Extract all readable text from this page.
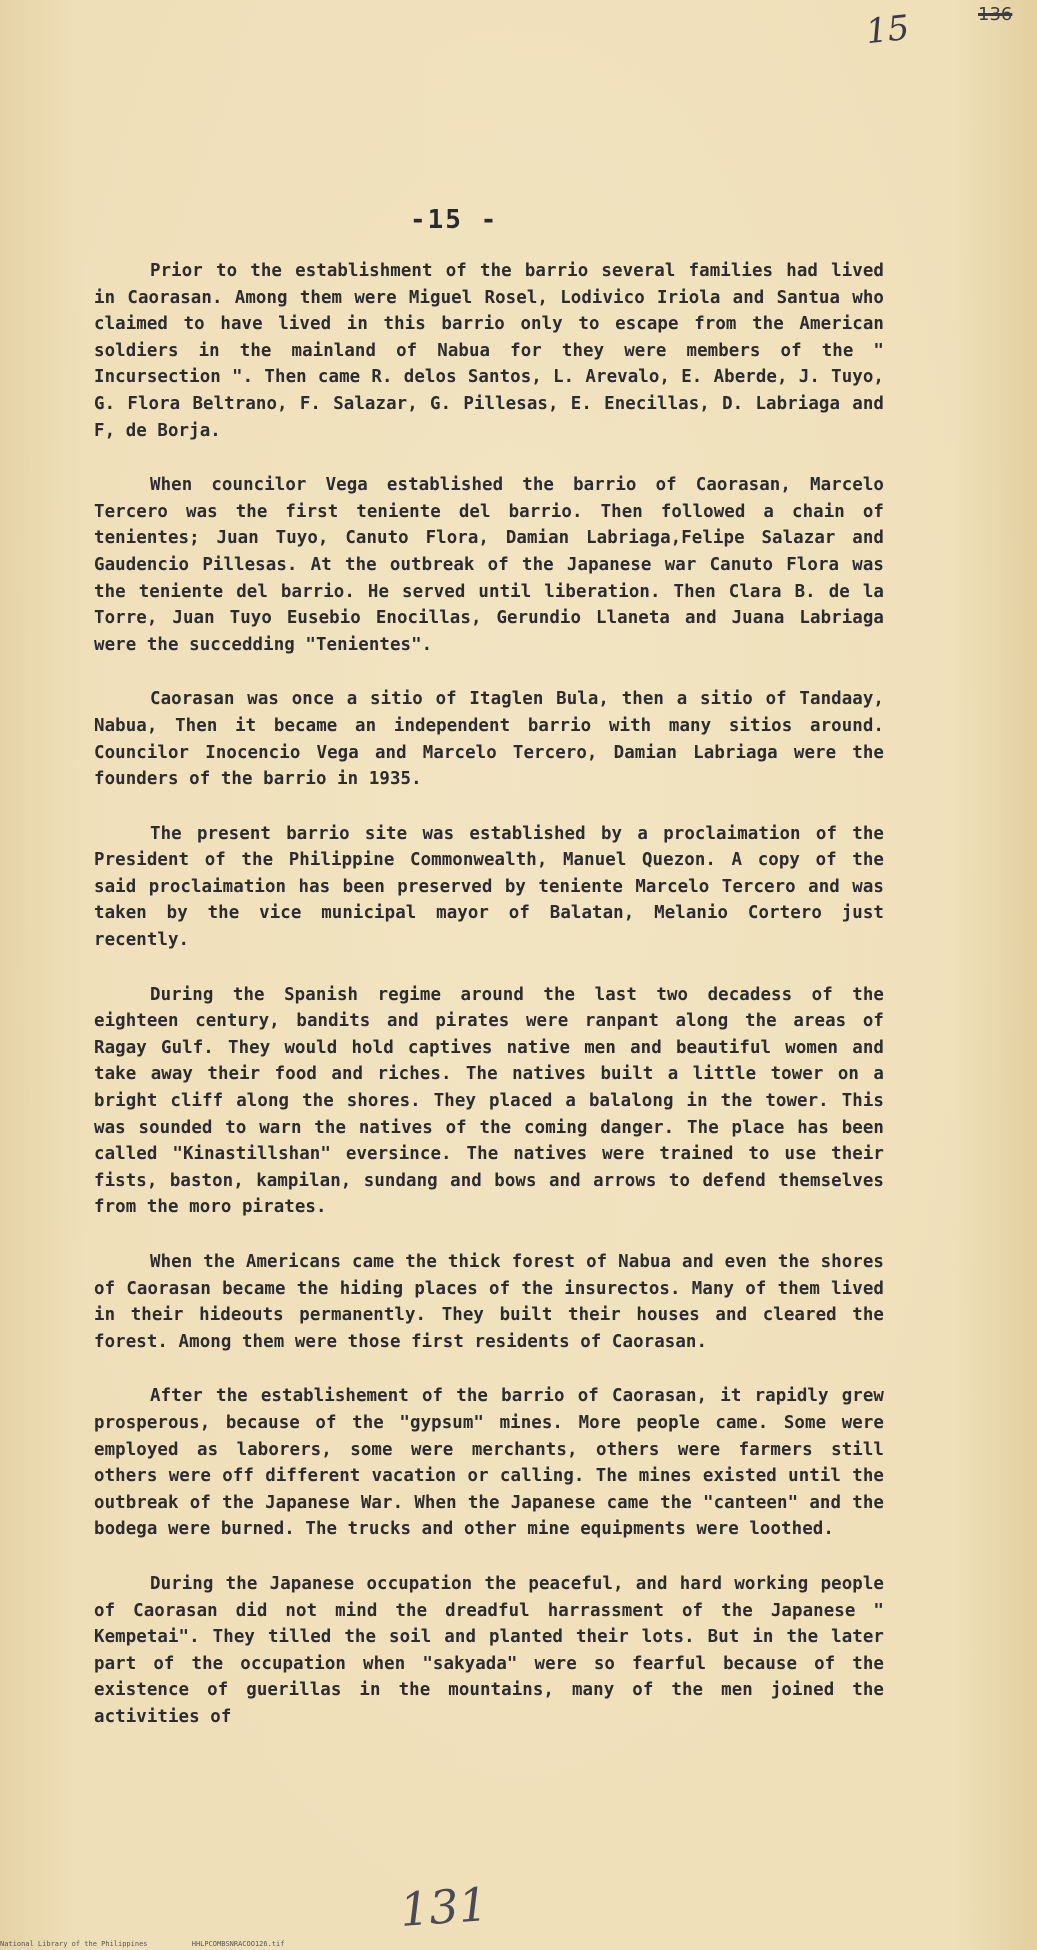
15	136
-15 -

Prior to the establishment of the barrio several families had lived in Caorasan. Among them were Miguel Rosel, Lodivico Iriola and Santua who claimed to have lived in this barrio only to escape from the American soldiers in the mainland of Nabua for they were members of the " Incursection ". Then came R. delos Santos, L. Arevalo, E. Aberde, J. Tuyo, G. Flora Beltrano, F. Salazar, G. Pillesas, E. Enecillas, D. Labriaga and F, de Borja.

When councilor Vega established the barrio of Caorasan, Marcelo Tercero was the first teniente del barrio. Then followed a chain of tenientes; Juan Tuyo, Canuto Flora, Damian Labriaga,Felipe Salazar and Gaudencio Pillesas. At the outbreak of the Japanese war Canuto Flora was the teniente del barrio. He served until liberation. Then Clara B. de la Torre, Juan Tuyo Eusebio Enocillas, Gerundio Llaneta and Juana Labriaga were the succedding "Tenientes".

Caorasan was once a sitio of Itaglen Bula, then a sitio of Tandaay, Nabua, Then it became an independent barrio with many sitios around. Councilor Inocencio Vega and Marcelo Tercero, Damian Labriaga were the founders of the barrio in 1935.

The present barrio site was established by a proclaimation of the President of the Philippine Commonwealth, Manuel Quezon. A copy of the said proclaimation has been preserved by teniente Marcelo Tercero and was taken by the vice municipal mayor of Balatan, Melanio Cortero just recently.

During the Spanish regime around the last two decadess of the eighteen century, bandits and pirates were ranpant along the areas of Ragay Gulf. They would hold captives native men and beautiful women and take away their food and riches. The natives built a little tower on a bright cliff along the shores. They placed a balalong in the tower. This was sounded to warn the natives of the coming danger. The place has been called "Kinastillshan" eversince. The natives were trained to use their fists, baston, kampilan, sundang and bows and arrows to defend themselves from the moro pirates.

When the Americans came the thick forest of Nabua and even the shores of Caorasan became the hiding places of the insurectos. Many of them lived in their hideouts permanently. They built their houses and cleared the forest. Among them were those first residents of Caorasan.

After the establishement of the barrio of Caorasan, it rapidly grew prosperous, because of the "gypsum" mines. More people came. Some were employed as laborers, some were merchants, others were farmers still others were off different vacation or calling. The mines existed until the outbreak of the Japanese War. When the Japanese came the "canteen" and the bodega were burned. The trucks and other mine equipments were loothed.

During the Japanese occupation the peaceful, and hard working people of Caorasan did not mind the dreadful harrassment of the Japanese " Kempetai". They tilled the soil and planted their lots. But in the later part of the occupation when "sakyada" were so fearful because of the existence of guerillas in the mountains, many of the men joined the activities of

131
National Library of the Philippines	HHLPCOMBSNRACOO126.tif
